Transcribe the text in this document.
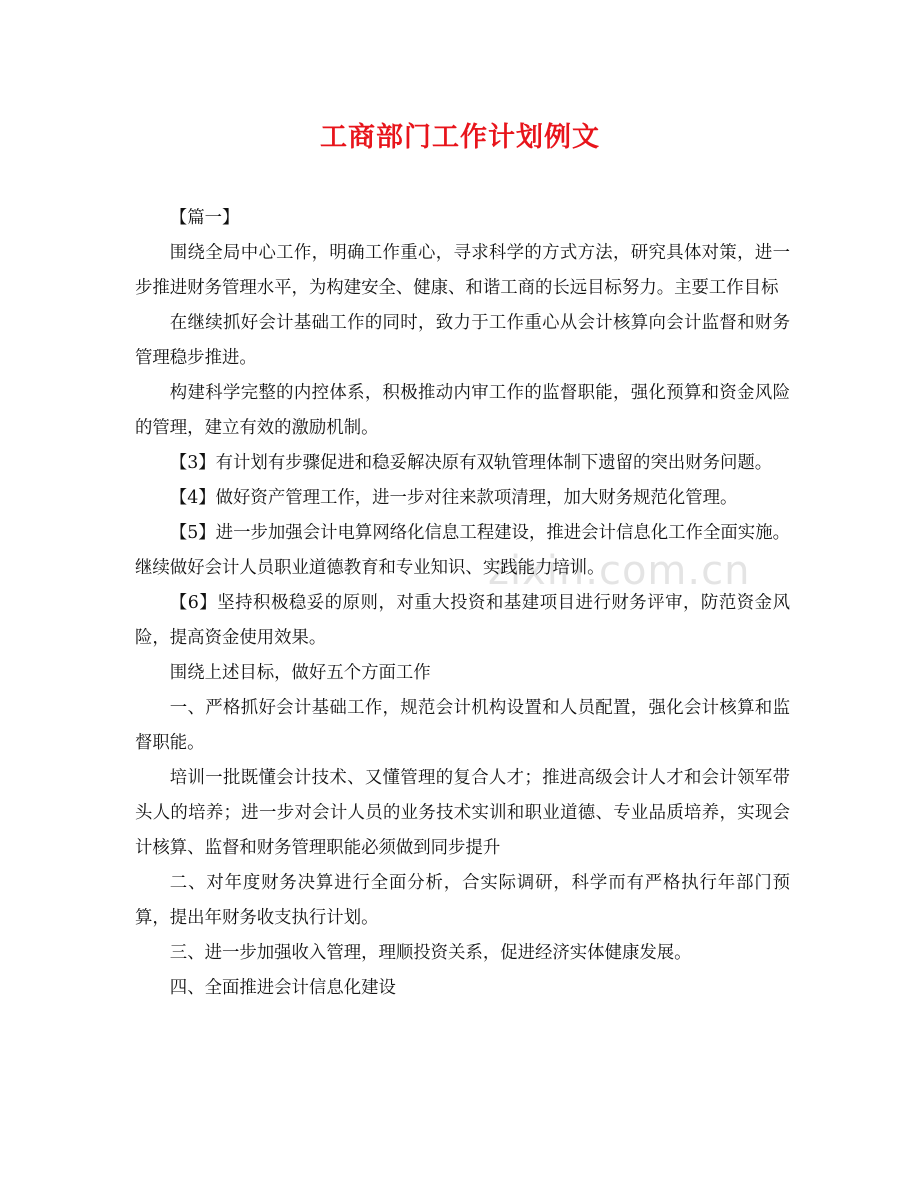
zixin.com.cn
工商部门工作计划例文

【篇一】

围绕全局中心工作，明确工作重心，寻求科学的方式方法，研究具体对策，进一步推进财务管理水平，为构建安全、健康、和谐工商的长远目标努力。主要工作目标

在继续抓好会计基础工作的同时，致力于工作重心从会计核算向会计监督和财务管理稳步推进。

构建科学完整的内控体系，积极推动内审工作的监督职能，强化预算和资金风险的管理，建立有效的激励机制。

【3】有计划有步骤促进和稳妥解决原有双轨管理体制下遗留的突出财务问题。

【4】做好资产管理工作，进一步对往来款项清理，加大财务规范化管理。

【5】进一步加强会计电算网络化信息工程建设，推进会计信息化工作全面实施。继续做好会计人员职业道德教育和专业知识、实践能力培训。

【6】坚持积极稳妥的原则，对重大投资和基建项目进行财务评审，防范资金风险，提高资金使用效果。

围绕上述目标，做好五个方面工作

一、严格抓好会计基础工作，规范会计机构设置和人员配置，强化会计核算和监督职能。

培训一批既懂会计技术、又懂管理的复合人才；推进高级会计人才和会计领军带头人的培养；进一步对会计人员的业务技术实训和职业道德、专业品质培养，实现会计核算、监督和财务管理职能必须做到同步提升

二、对年度财务决算进行全面分析，合实际调研，科学而有严格执行年部门预算，提出年财务收支执行计划。

三、进一步加强收入管理，理顺投资关系，促进经济实体健康发展。

四、全面推进会计信息化建设
